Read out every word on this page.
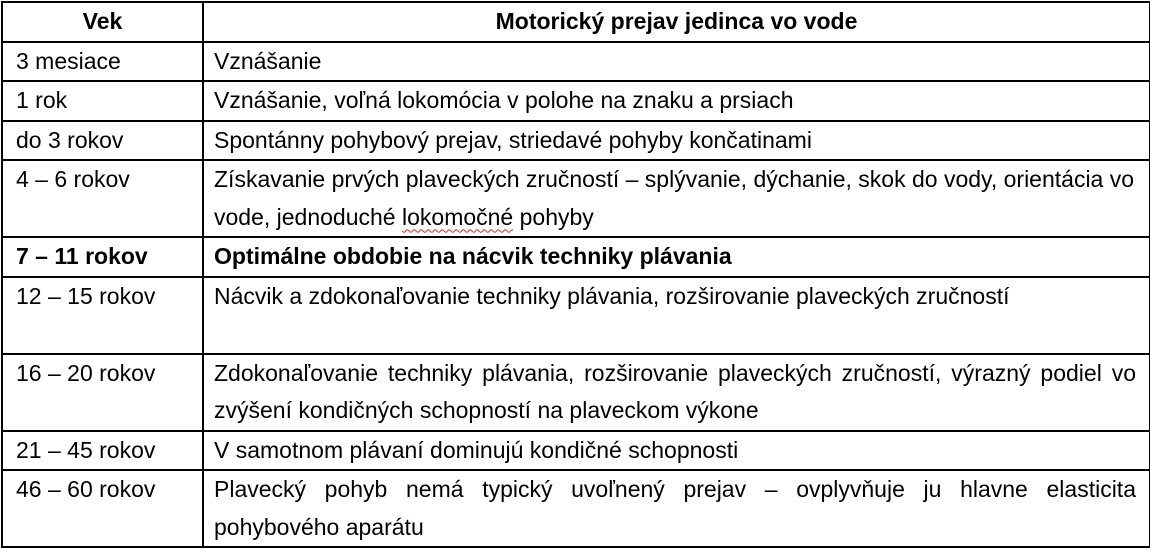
Vek	Motorický prejav jedinca vo vode
3 mesiace	Vznášanie
1 rok	Vznášanie, voľná lokomócia v polohe na znaku a prsiach
do 3 rokov	Spontánny pohybový prejav, striedavé pohyby končatinami
4 – 6 rokov	Získavanie prvých plaveckých zručností – splývanie, dýchanie, skok do vody, orientácia vo vode, jednoduché lokomočné pohyby
7 – 11 rokov	Optimálne obdobie na nácvik techniky plávania
12 – 15 rokov	Nácvik a zdokonaľovanie techniky plávania, rozširovanie plaveckých zručností
16 – 20 rokov	Zdokonaľovanie techniky plávania, rozširovanie plaveckých zručností, výrazný podiel vo zvýšení kondičných schopností na plaveckom výkone
21 – 45 rokov	V samotnom plávaní dominujú kondičné schopnosti
46 – 60 rokov	Plavecký pohyb nemá typický uvoľnený prejav – ovplyvňuje ju hlavne elasticita pohybového aparátu
